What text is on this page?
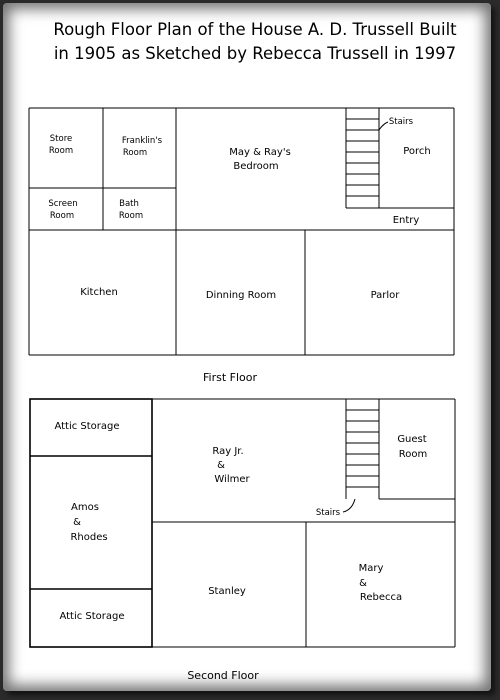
Rough Floor Plan of the House A. D. Trussell Built
in 1905 as Sketched by Rebecca Trussell in 1997
Store
Room
Franklin's
Room	May & Ray's
Bedroom
Stairs
Porch
Screen
Room
Bath
Room	Entry
Kitchen	Dinning Room	Parlor
First Floor
Attic Storage
Ray Jr.
&
Wilmer
Guest
Room
Amos
&
Rhodes
Stairs
Stanley
Mary
&
Rebecca
Attic Storage
Second Floor
